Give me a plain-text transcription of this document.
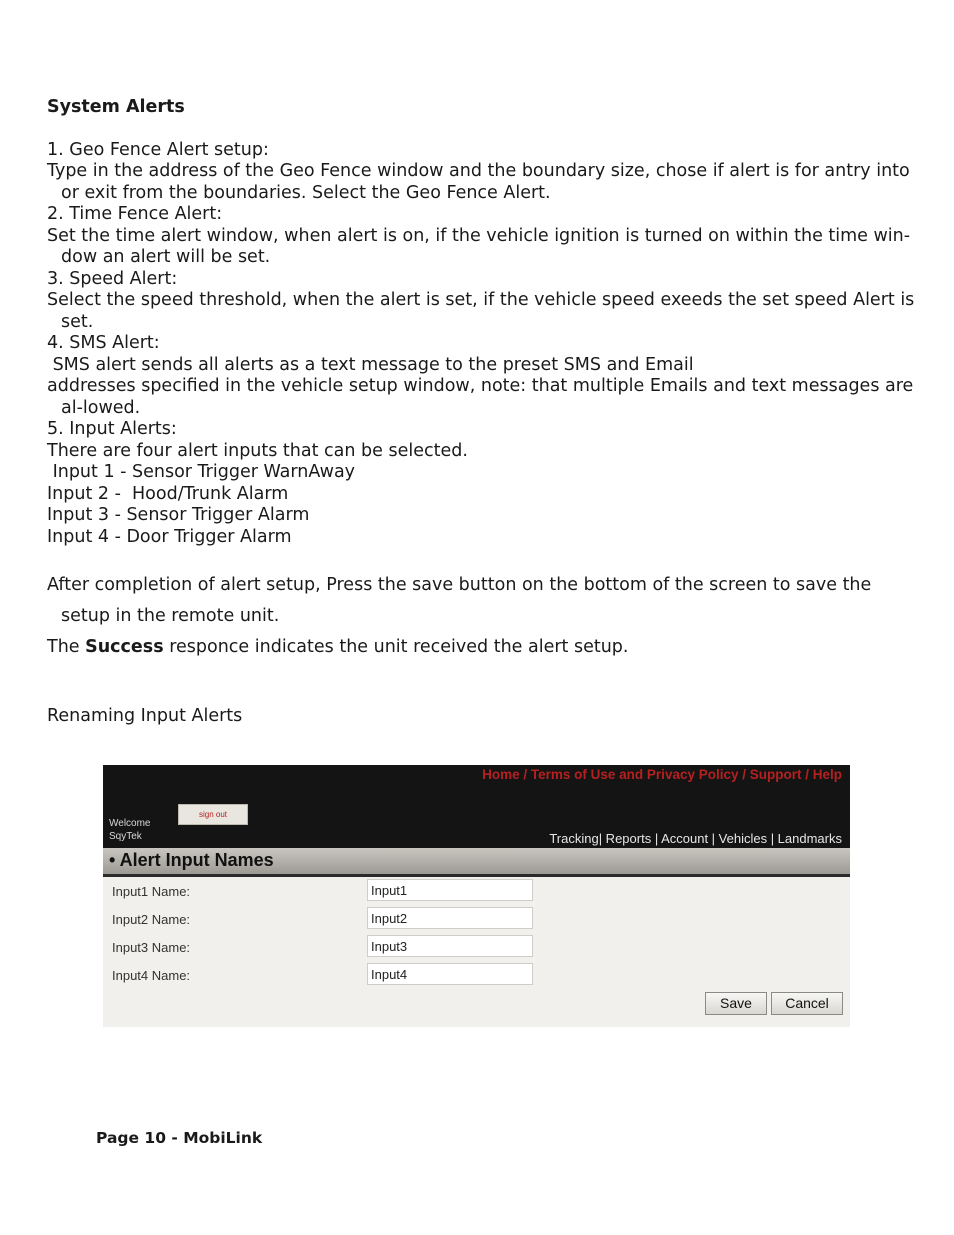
System Alerts
1. Geo Fence Alert setup:
Type in the address of the Geo Fence window and the boundary size, chose if alert is for antry into or exit from the boundaries. Select the Geo Fence Alert.
2. Time Fence Alert:
Set the time alert window, when alert is on, if the vehicle ignition is turned on within the time win-dow an alert will be set.
3. Speed Alert:
Select the speed threshold, when the alert is set, if the vehicle speed exeeds the set speed Alert is set.
4. SMS Alert:
SMS alert sends all alerts as a text message to the preset SMS and Email
addresses specified in the vehicle setup window, note: that multiple Emails and text messages are al-lowed.
5. Input Alerts:
There are four alert inputs that can be selected.
Input 1 - Sensor Trigger WarnAway
Input 2 -  Hood/Trunk Alarm
Input 3 - Sensor Trigger Alarm
Input 4 - Door Trigger Alarm
After completion of alert setup, Press the save button on the bottom of the screen to save the setup in the remote unit.
The Success responce indicates the unit received the alert setup.
Renaming Input Alerts
Home / Terms of Use and Privacy Policy / Support / Help
sign out
Welcome
SqyTek	Tracking| Reports | Account | Vehicles | Landmarks
• Alert Input Names
Input1 Name:	Input1
Input2 Name:	Input2
Input3 Name:	Input3
Input4 Name:	Input4
Save	Cancel
Page 10 - MobiLink
